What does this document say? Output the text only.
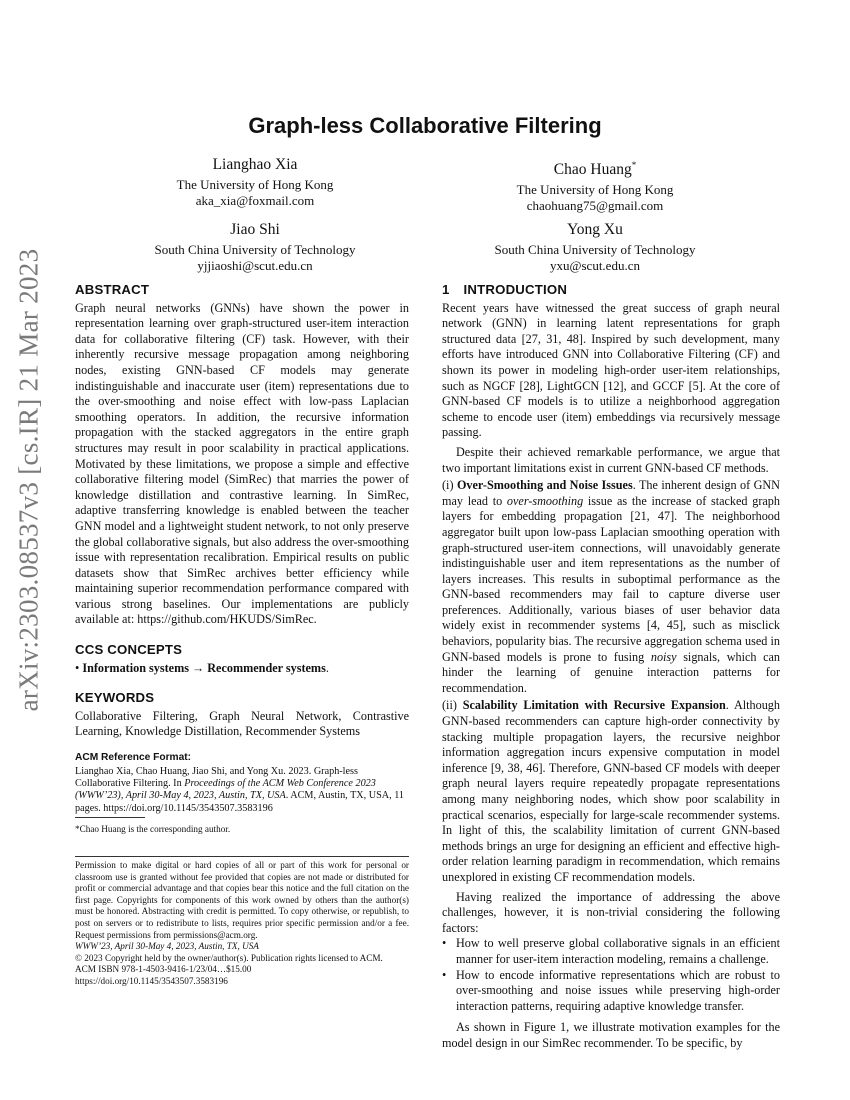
arXiv:2303.08537v3 [cs.IR] 21 Mar 2023
Graph-less Collaborative Filtering
Lianghao Xia
The University of Hong Kong
aka_xia@foxmail.com
Chao Huang*
The University of Hong Kong
chaohuang75@gmail.com
Jiao Shi
South China University of Technology
yjjiaoshi@scut.edu.cn
Yong Xu
South China University of Technology
yxu@scut.edu.cn
ABSTRACT

Graph neural networks (GNNs) have shown the power in representation learning over graph-structured user-item interaction data for collaborative filtering (CF) task. However, with their inherently recursive message propagation among neighboring nodes, existing GNN-based CF models may generate indistinguishable and inaccurate user (item) representations due to the over-smoothing and noise effect with low-pass Laplacian smoothing operators. In addition, the recursive information propagation with the stacked aggregators in the entire graph structures may result in poor scalability in practical applications. Motivated by these limitations, we propose a simple and effective collaborative filtering model (SimRec) that marries the power of knowledge distillation and contrastive learning. In SimRec, adaptive transferring knowledge is enabled between the teacher GNN model and a lightweight student network, to not only preserve the global collaborative signals, but also address the over-smoothing issue with representation recalibration. Empirical results on public datasets show that SimRec archives better efficiency while maintaining superior recommendation performance compared with various strong baselines. Our implementations are publicly available at: https://github.com/HKUDS/SimRec.

CCS CONCEPTS

• Information systems → Recommender systems.

KEYWORDS

Collaborative Filtering, Graph Neural Network, Contrastive Learning, Knowledge Distillation, Recommender Systems

ACM Reference Format:

Lianghao Xia, Chao Huang, Jiao Shi, and Yong Xu. 2023. Graph-less Collaborative Filtering. In Proceedings of the ACM Web Conference 2023 (WWW’23), April 30-May 4, 2023, Austin, TX, USA. ACM, Austin, TX, USA, 11 pages. https://doi.org/10.1145/3543507.3583196

*Chao Huang is the corresponding author.

Permission to make digital or hard copies of all or part of this work for personal or classroom use is granted without fee provided that copies are not made or distributed for profit or commercial advantage and that copies bear this notice and the full citation on the first page. Copyrights for components of this work owned by others than the author(s) must be honored. Abstracting with credit is permitted. To copy otherwise, or republish, to post on servers or to redistribute to lists, requires prior specific permission and/or a fee. Request permissions from permissions@acm.org.

WWW’23, April 30-May 4, 2023, Austin, TX, USA
© 2023 Copyright held by the owner/author(s). Publication rights licensed to ACM.
ACM ISBN 978-1-4503-9416-1/23/04…$15.00
https://doi.org/10.1145/3543507.3583196
1 INTRODUCTION

Recent years have witnessed the great success of graph neural network (GNN) in learning latent representations for graph structured data [27, 31, 48]. Inspired by such development, many efforts have introduced GNN into Collaborative Filtering (CF) and shown its power in modeling high-order user-item relationships, such as NGCF [28], LightGCN [12], and GCCF [5]. At the core of GNN-based CF models is to utilize a neighborhood aggregation scheme to encode user (item) embeddings via recursively message passing.

Despite their achieved remarkable performance, we argue that two important limitations exist in current GNN-based CF methods.

(i) Over-Smoothing and Noise Issues. The inherent design of GNN may lead to over-smoothing issue as the increase of stacked graph layers for embedding propagation [21, 47]. The neighborhood aggregator built upon low-pass Laplacian smoothing operation with graph-structured user-item connections, will unavoidably generate indistinguishable user and item representations as the number of layers increases. This results in suboptimal performance as the GNN-based recommenders may fail to capture diverse user preferences. Additionally, various biases of user behavior data widely exist in recommender systems [4, 45], such as misclick behaviors, popularity bias. The recursive aggregation schema used in GNN-based models is prone to fusing noisy signals, which can hinder the learning of genuine interaction patterns for recommendation.

(ii) Scalability Limitation with Recursive Expansion. Although GNN-based recommenders can capture high-order connectivity by stacking multiple propagation layers, the recursive neighbor information aggregation incurs expensive computation in model inference [9, 38, 46]. Therefore, GNN-based CF models with deeper graph neural layers require repeatedly propagate representations among many neighboring nodes, which show poor scalability in practical scenarios, especially for large-scale recommender systems. In light of this, the scalability limitation of current GNN-based methods brings an urge for designing an efficient and effective high-order relation learning paradigm in recommendation, which remains unexplored in existing CF recommendation models.

Having realized the importance of addressing the above challenges, however, it is non-trivial considering the following factors:

• How to well preserve global collaborative signals in an efficient manner for user-item interaction modeling, remains a challenge.
• How to encode informative representations which are robust to over-smoothing and noise issues while preserving high-order interaction patterns, requiring adaptive knowledge transfer.

As shown in Figure 1, we illustrate motivation examples for the model design in our SimRec recommender. To be specific, by
